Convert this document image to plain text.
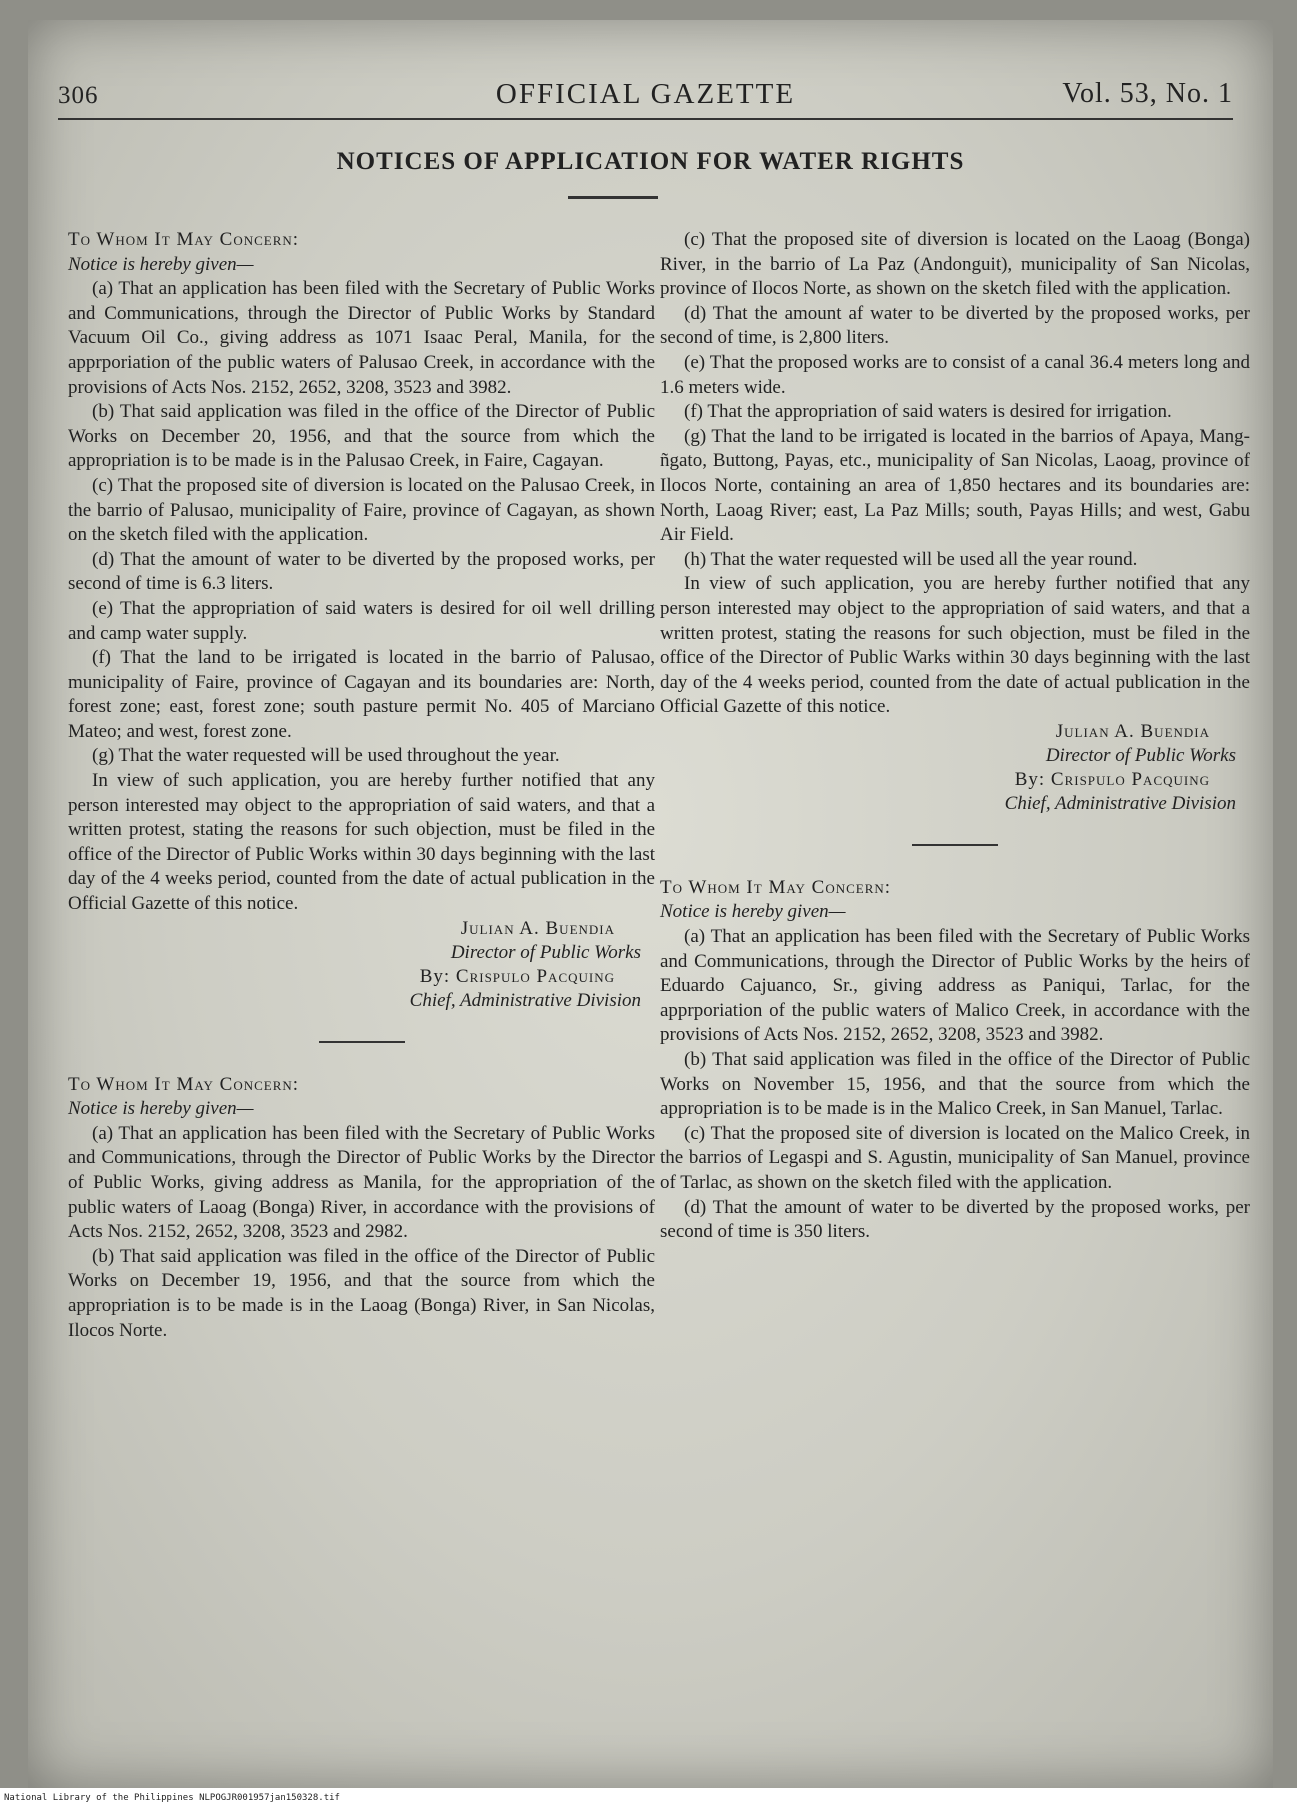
306	OFFICIAL GAZETTE	Vol. 53, No. 1
NOTICES OF APPLICATION FOR WATER RIGHTS

To Whom It May Concern:

Notice is hereby given—

(a) That an application has been filed with the Secretary of Public Works and Communications, through the Director of Public Works by Standard Vacuum Oil Co., giving address as 1071 Isaac Peral, Manila, for the apprporiation of the public waters of Palusao Creek, in accordance with the provisions of Acts Nos. 2152, 2652, 3208, 3523 and 3982.

(b) That said application was filed in the office of the Director of Public Works on December 20, 1956, and that the source from which the appropriation is to be made is in the Palusao Creek, in Faire, Cagayan.

(c) That the proposed site of diversion is located on the Palusao Creek, in the barrio of Palusao, municipality of Faire, province of Cagayan, as shown on the sketch filed with the application.

(d) That the amount of water to be diverted by the proposed works, per second of time is 6.3 liters.

(e) That the appropriation of said waters is desired for oil well drilling and camp water supply.

(f) That the land to be irrigated is located in the barrio of Palusao, municipality of Faire, province of Cagayan and its boundaries are: North, forest zone; east, forest zone; south pasture permit No. 405 of Marciano Mateo; and west, forest zone.

(g) That the water requested will be used throughout the year.

In view of such application, you are hereby further notified that any person interested may object to the appropriation of said waters, and that a written protest, stating the reasons for such objection, must be filed in the office of the Director of Public Works within 30 days beginning with the last day of the 4 weeks period, counted from the date of actual publication in the Official Gazette of this notice.

Julian A. Buendia

Director of Public Works

By: Crispulo Pacquing

Chief, Administrative Division

To Whom It May Concern:

Notice is hereby given—

(a) That an application has been filed with the Secretary of Public Works and Communications, through the Director of Public Works by the Director of Public Works, giving address as Manila, for the appropriation of the public waters of Laoag (Bonga) River, in accordance with the provisions of Acts Nos. 2152, 2652, 3208, 3523 and 2982.

(b) That said application was filed in the office of the Director of Public Works on December 19, 1956, and that the source from which the appropriation is to be made is in the Laoag (Bonga) River, in San Nicolas, Ilocos Norte.

(c) That the proposed site of diversion is located on the Laoag (Bonga) River, in the barrio of La Paz (Andonguit), municipality of San Nicolas, province of Ilocos Norte, as shown on the sketch filed with the application.

(d) That the amount af water to be diverted by the proposed works, per second of time, is 2,800 liters.

(e) That the proposed works are to consist of a canal 36.4 meters long and 1.6 meters wide.

(f) That the appropriation of said waters is desired for irrigation.

(g) That the land to be irrigated is located in the barrios of Apaya, Mang-ñgato, Buttong, Payas, etc., municipality of San Nicolas, Laoag, province of Ilocos Norte, containing an area of 1,850 hectares and its boundaries are: North, Laoag River; east, La Paz Mills; south, Payas Hills; and west, Gabu Air Field.

(h) That the water requested will be used all the year round.

In view of such application, you are hereby further notified that any person interested may object to the appropriation of said waters, and that a written protest, stating the reasons for such objection, must be filed in the office of the Director of Public Warks within 30 days beginning with the last day of the 4 weeks period, counted from the date of actual publication in the Official Gazette of this notice.

Julian A. Buendia

Director of Public Works

By: Crispulo Pacquing

Chief, Administrative Division

To Whom It May Concern:

Notice is hereby given—

(a) That an application has been filed with the Secretary of Public Works and Communications, through the Director of Public Works by the heirs of Eduardo Cajuanco, Sr., giving address as Paniqui, Tarlac, for the apprporiation of the public waters of Malico Creek, in accordance with the provisions of Acts Nos. 2152, 2652, 3208, 3523 and 3982.

(b) That said application was filed in the office of the Director of Public Works on November 15, 1956, and that the source from which the appropriation is to be made is in the Malico Creek, in San Manuel, Tarlac.

(c) That the proposed site of diversion is located on the Malico Creek, in the barrios of Legaspi and S. Agustin, municipality of San Manuel, province of Tarlac, as shown on the sketch filed with the application.

(d) That the amount of water to be diverted by the proposed works, per second of time is 350 liters.

National Library of the Philippines NLPOGJR001957jan150328.tif
